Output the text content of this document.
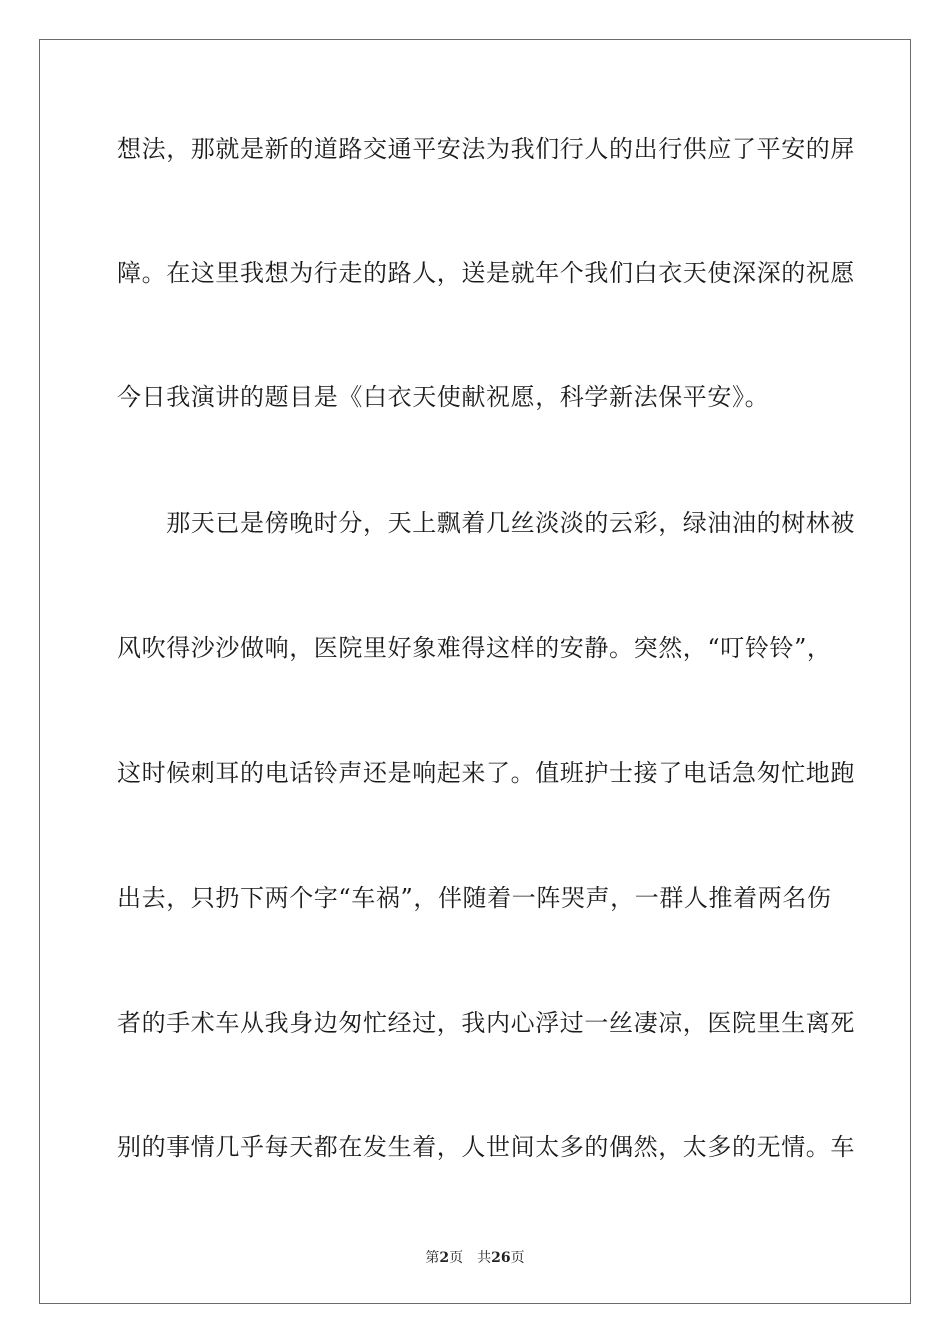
想法，那就是新的道路交通平安法为我们行人的出行供应了平安的屏
障。在这里我想为行走的路人，送是就年个我们白衣天使深深的祝愿
今日我演讲的题目是《白衣天使献祝愿，科学新法保平安》。
　　那天已是傍晚时分，天上飘着几丝淡淡的云彩，绿油油的树林被
风吹得沙沙做响，医院里好象难得这样的安静。突然，“叮铃铃”，
这时候刺耳的电话铃声还是响起来了。值班护士接了电话急匆忙地跑
出去，只扔下两个字“车祸”，伴随着一阵哭声，一群人推着两名伤
者的手术车从我身边匆忙经过，我内心浮过一丝凄凉，医院里生离死
别的事情几乎每天都在发生着，人世间太多的偶然，太多的无情。车
第2页 共26页
